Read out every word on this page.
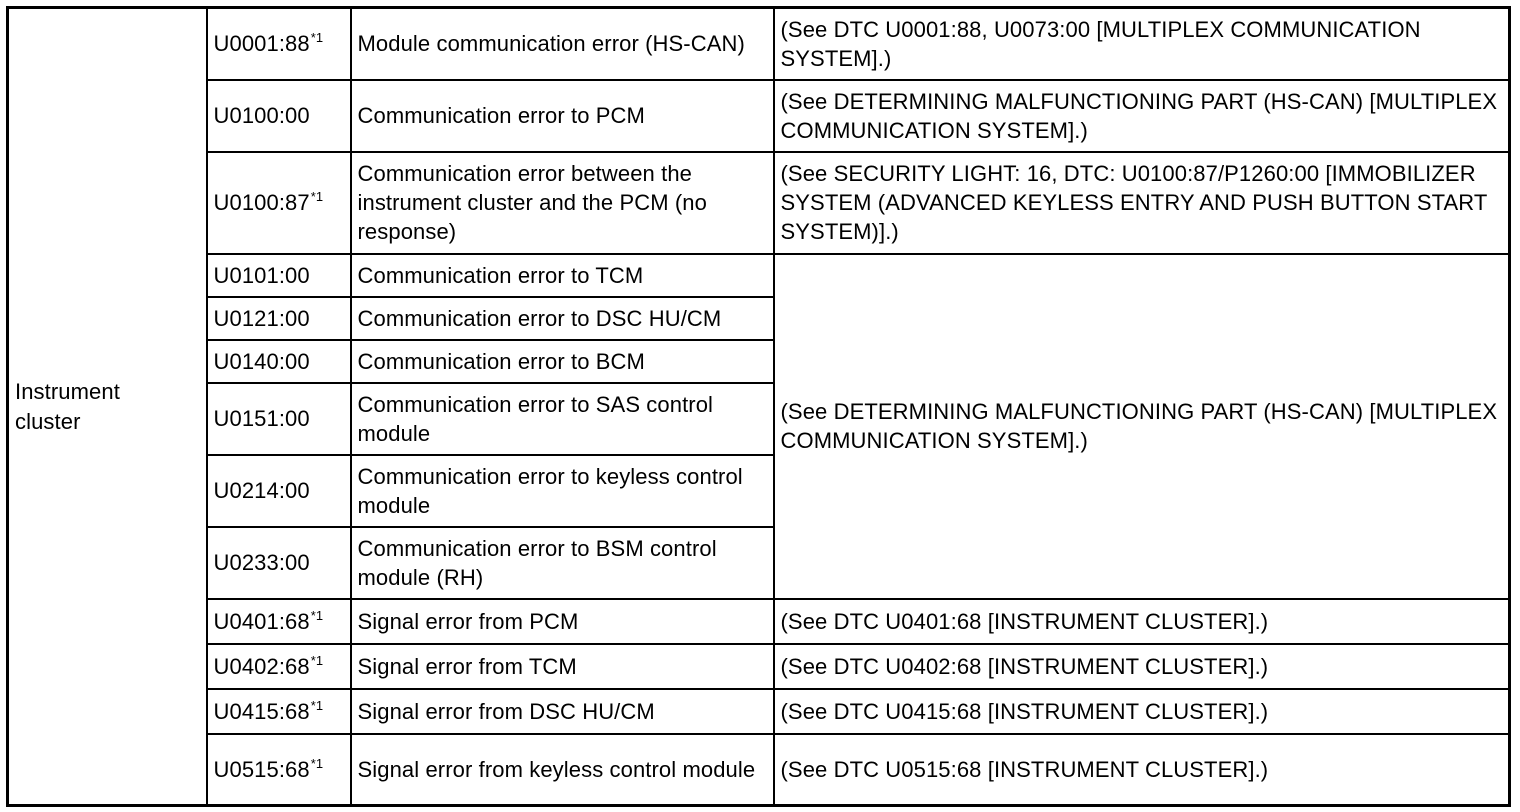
Instrument
cluster	U0001:88$^{*1}$	Module communication error (HS-CAN)	(See DTC U0001:88, U0073:00 [MULTIPLEX COMMUNICATION SYSTEM].)
	U0100:00	Communication error to PCM	(See DETERMINING MALFUNCTIONING PART (HS-CAN) [MULTIPLEX COMMUNICATION SYSTEM].)
	U0100:87$^{*1}$	Communication error between the instrument cluster and the PCM (no response)	(See SECURITY LIGHT: 16, DTC: U0100:87/P1260:00 [IMMOBILIZER SYSTEM (ADVANCED KEYLESS ENTRY AND PUSH BUTTON START SYSTEM)].)
	U0101:00	Communication error to TCM	(See DETERMINING MALFUNCTIONING PART (HS-CAN) [MULTIPLEX COMMUNICATION SYSTEM].)
	U0121:00	Communication error to DSC HU/CM	
	U0140:00	Communication error to BCM	
	U0151:00	Communication error to SAS control module	
	U0214:00	Communication error to keyless control module	
	U0233:00	Communication error to BSM control module (RH)	
	U0401:68$^{*1}$	Signal error from PCM	(See DTC U0401:68 [INSTRUMENT CLUSTER].)
	U0402:68$^{*1}$	Signal error from TCM	(See DTC U0402:68 [INSTRUMENT CLUSTER].)
	U0415:68$^{*1}$	Signal error from DSC HU/CM	(See DTC U0415:68 [INSTRUMENT CLUSTER].)
	U0515:68$^{*1}$	Signal error from keyless control module	(See DTC U0515:68 [INSTRUMENT CLUSTER].)
